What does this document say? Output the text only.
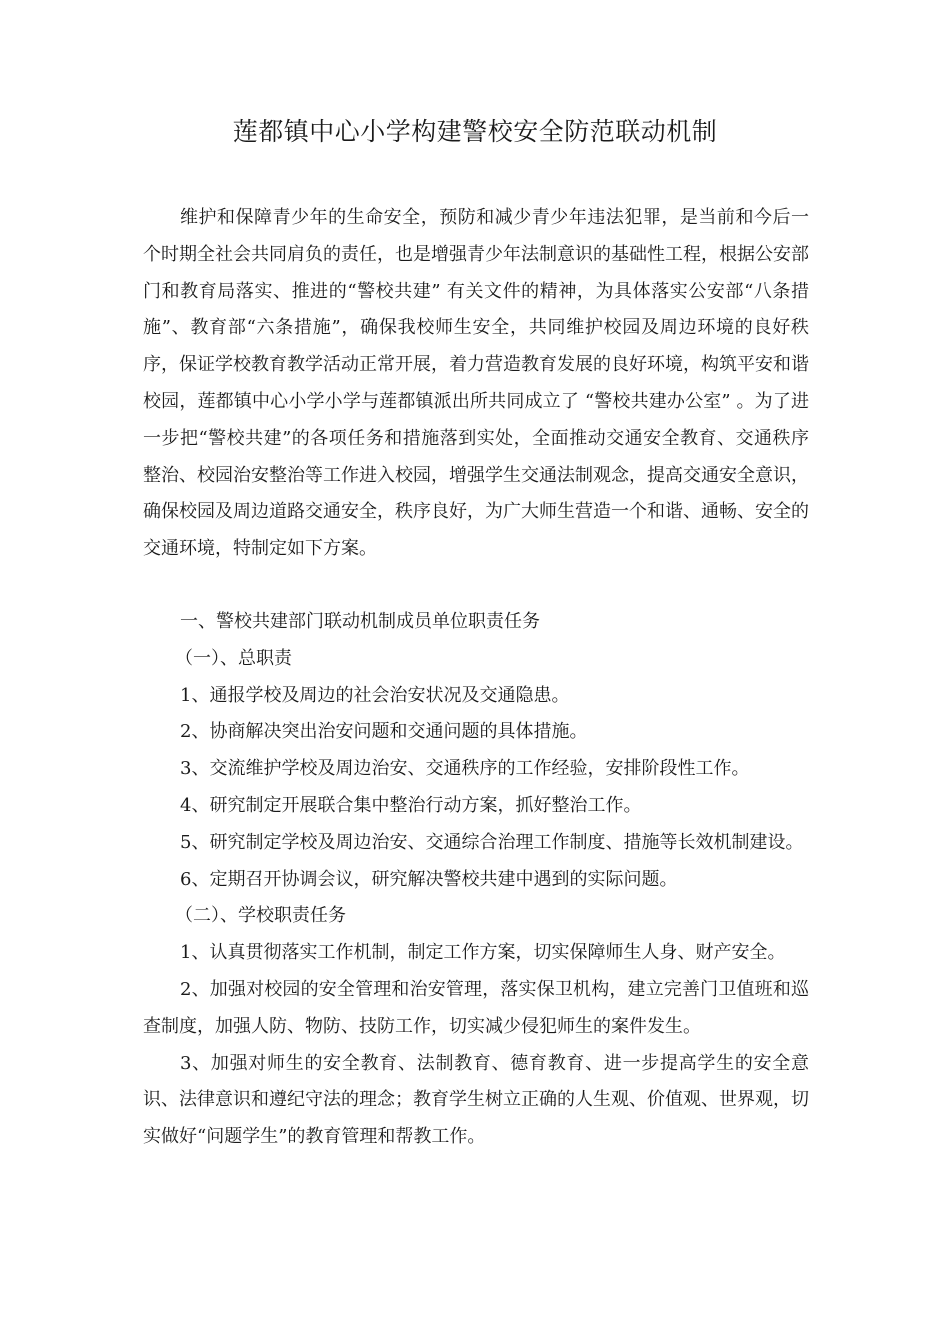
莲都镇中心小学构建警校安全防范联动机制

维护和保障青少年的生命安全，预防和减少青少年违法犯罪，是当前和今后一个时期全社会共同肩负的责任，也是增强青少年法制意识的基础性工程，根据公安部门和教育局落实、推进的“警校共建” 有关文件的精神，为具体落实公安部“八条措施”、教育部“六条措施”，确保我校师生安全，共同维护校园及周边环境的良好秩序，保证学校教育教学活动正常开展，着力营造教育发展的良好环境，构筑平安和谐校园，莲都镇中心小学小学与莲都镇派出所共同成立了 “警校共建办公室” 。为了进一步把“警校共建”的各项任务和措施落到实处，全面推动交通安全教育、交通秩序整治、校园治安整治等工作进入校园，增强学生交通法制观念，提高交通安全意识，确保校园及周边道路交通安全，秩序良好，为广大师生营造一个和谐、通畅、安全的交通环境，特制定如下方案。

一、警校共建部门联动机制成员单位职责任务

（一）、总职责

1、通报学校及周边的社会治安状况及交通隐患。

2、协商解决突出治安问题和交通问题的具体措施。

3、交流维护学校及周边治安、交通秩序的工作经验，安排阶段性工作。

4、研究制定开展联合集中整治行动方案，抓好整治工作。

5、研究制定学校及周边治安、交通综合治理工作制度、措施等长效机制建设。

6、定期召开协调会议，研究解决警校共建中遇到的实际问题。

（二）、学校职责任务

1、认真贯彻落实工作机制，制定工作方案，切实保障师生人身、财产安全。

2、加强对校园的安全管理和治安管理，落实保卫机构，建立完善门卫值班和巡查制度，加强人防、物防、技防工作，切实减少侵犯师生的案件发生。

3、加强对师生的安全教育、法制教育、德育教育、进一步提高学生的安全意识、法律意识和遵纪守法的理念；教育学生树立正确的人生观、价值观、世界观，切实做好“问题学生”的教育管理和帮教工作。
